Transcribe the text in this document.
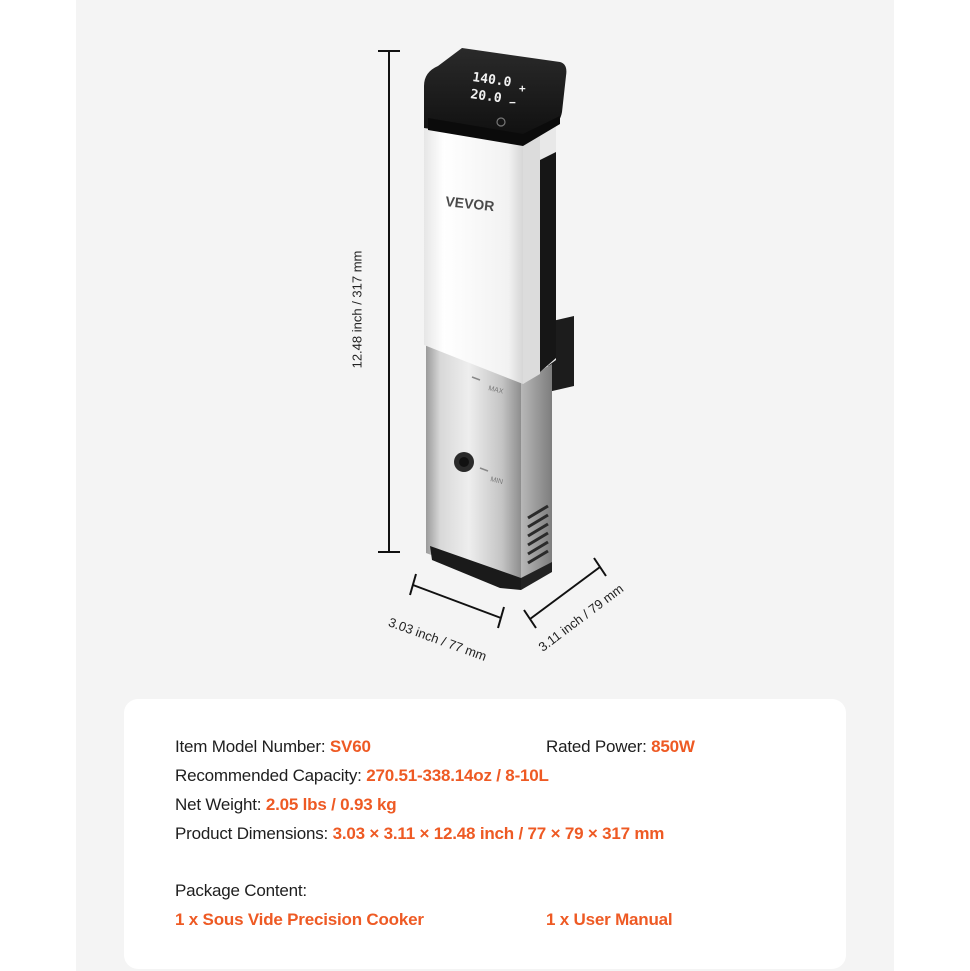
VEVOR
140.0
20.0 +
−
MAX
MIN
12.48 inch / 317 mm
3.03 inch / 77 mm	3.11 inch / 79 mm
Item Model Number: SV60	Rated Power: 850W
Recommended Capacity: 270.51-338.14oz / 8-10L
Net Weight: 2.05 lbs / 0.93 kg
Product Dimensions: 3.03 × 3.11 × 12.48 inch / 77 × 79 × 317 mm
Package Content:
1 x Sous Vide Precision Cooker	1 x User Manual
